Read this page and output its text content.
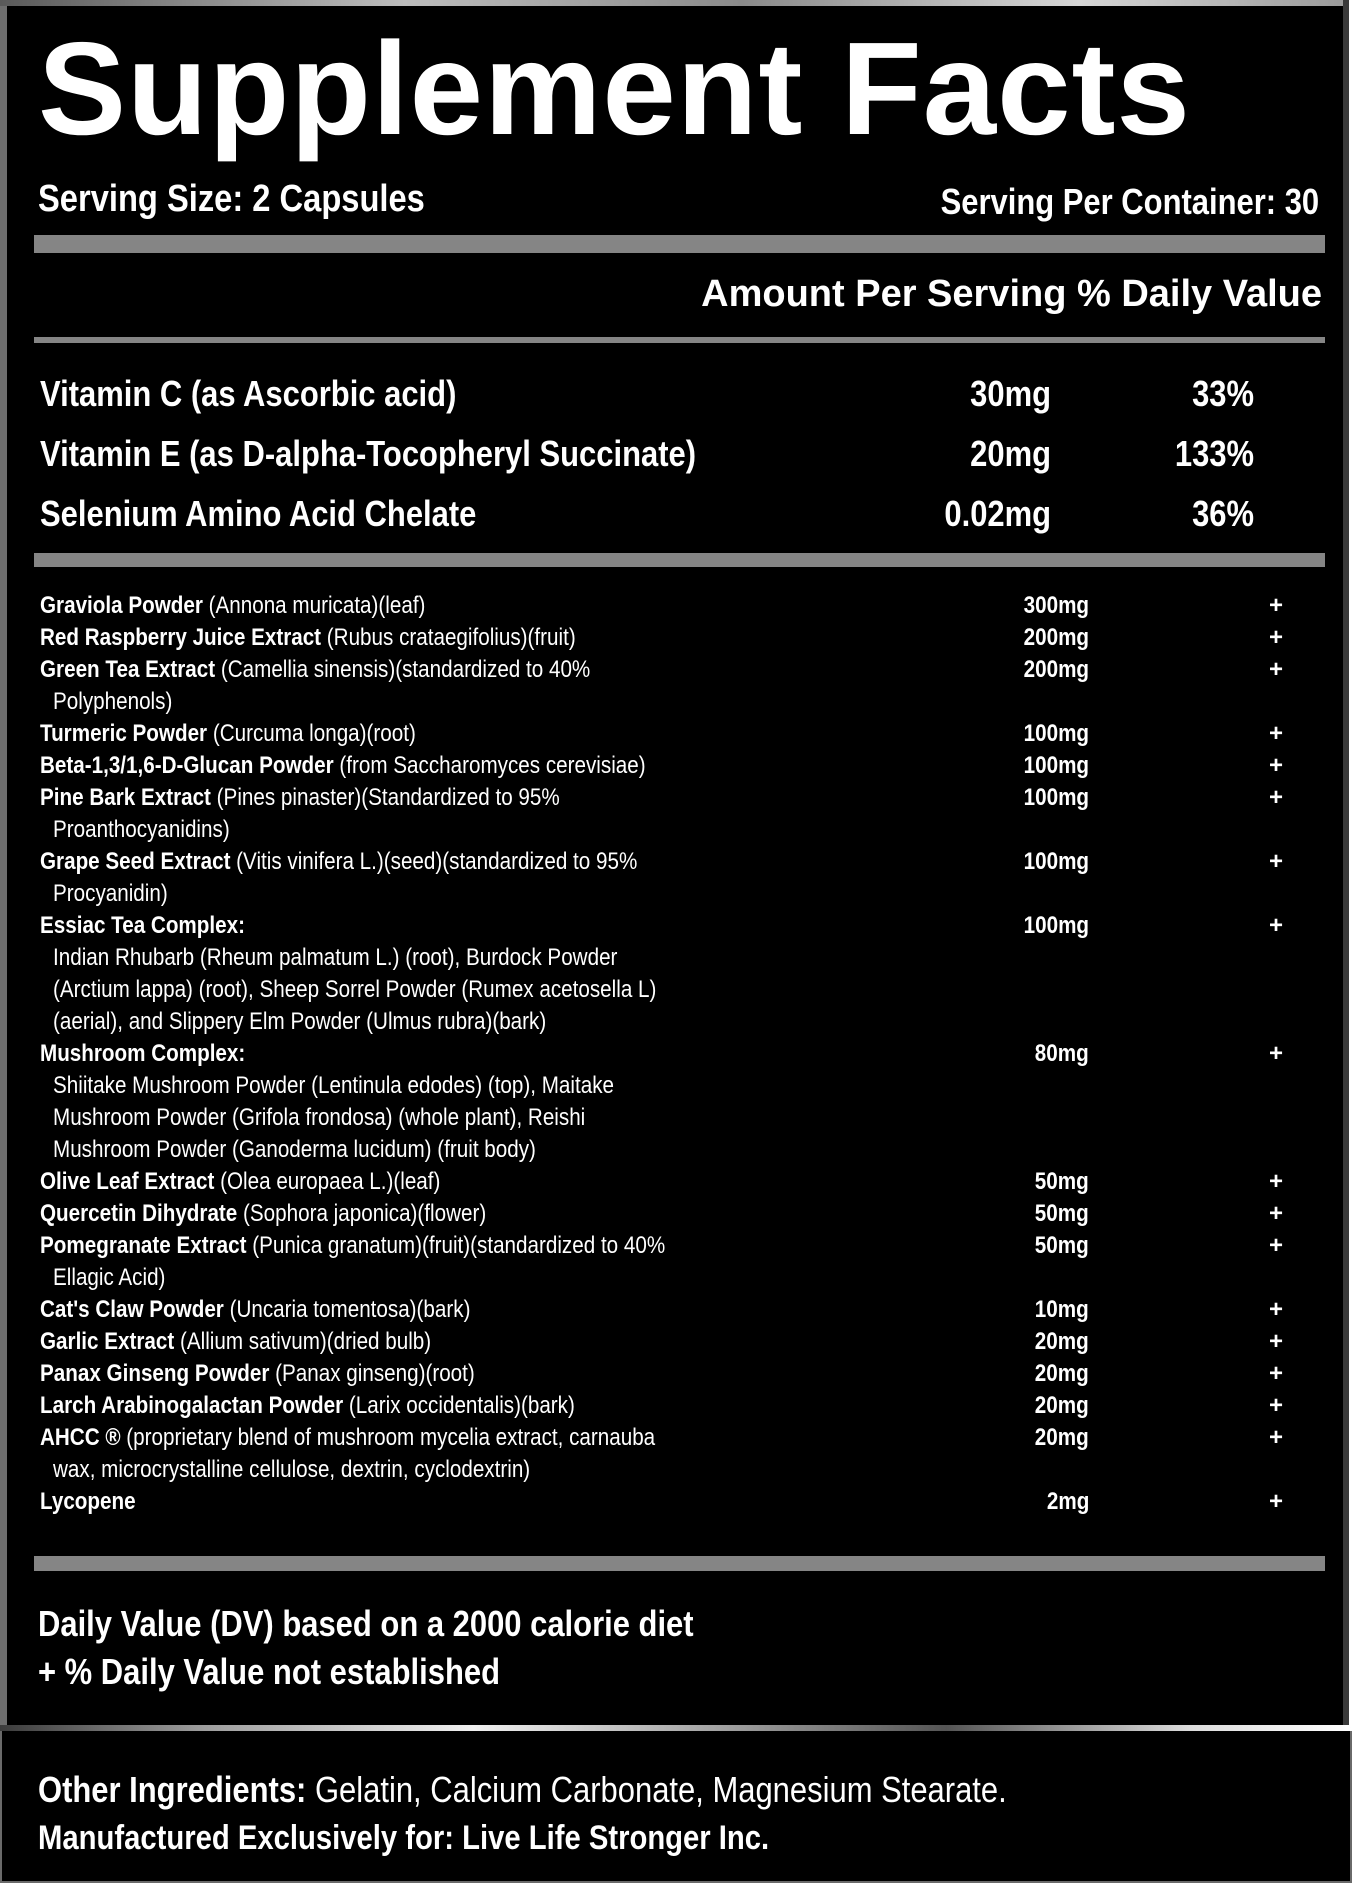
Supplement Facts
Serving Size: 2 Capsules	Serving Per Container: 30
Amount Per Serving % Daily Value
Vitamin C (as Ascorbic acid)	30mg	33%
Vitamin E (as D-alpha-Tocopheryl Succinate)	20mg	133%
Selenium Amino Acid Chelate	0.02mg	36%
Graviola Powder (Annona muricata)(leaf)	300mg	+
Red Raspberry Juice Extract (Rubus crataegifolius)(fruit)	200mg	+
Green Tea Extract (Camellia sinensis)(standardized to 40%	200mg	+
Polyphenols)
Turmeric Powder (Curcuma longa)(root)	100mg	+
Beta-1,3/1,6-D-Glucan Powder (from Saccharomyces cerevisiae)	100mg	+
Pine Bark Extract (Pines pinaster)(Standardized to 95%	100mg	+
Proanthocyanidins)
Grape Seed Extract (Vitis vinifera L.)(seed)(standardized to 95%	100mg	+
Procyanidin)
Essiac Tea Complex:	100mg	+
Indian Rhubarb (Rheum palmatum L.) (root), Burdock Powder
(Arctium lappa) (root), Sheep Sorrel Powder (Rumex acetosella L)
(aerial), and Slippery Elm Powder (Ulmus rubra)(bark)
Mushroom Complex:	80mg	+
Shiitake Mushroom Powder (Lentinula edodes) (top), Maitake
Mushroom Powder (Grifola frondosa) (whole plant), Reishi
Mushroom Powder (Ganoderma lucidum) (fruit body)
Olive Leaf Extract (Olea europaea L.)(leaf)	50mg	+
Quercetin Dihydrate (Sophora japonica)(flower)	50mg	+
Pomegranate Extract (Punica granatum)(fruit)(standardized to 40%	50mg	+
Ellagic Acid)
Cat's Claw Powder (Uncaria tomentosa)(bark)	10mg	+
Garlic Extract (Allium sativum)(dried bulb)	20mg	+
Panax Ginseng Powder (Panax ginseng)(root)	20mg	+
Larch Arabinogalactan Powder (Larix occidentalis)(bark)	20mg	+
AHCC ® (proprietary blend of mushroom mycelia extract, carnauba	20mg	+
wax, microcrystalline cellulose, dextrin, cyclodextrin)
Lycopene	2mg	+
Daily Value (DV) based on a 2000 calorie diet
+ % Daily Value not established
Other Ingredients: Gelatin, Calcium Carbonate, Magnesium Stearate.
Manufactured Exclusively for: Live Life Stronger Inc.
